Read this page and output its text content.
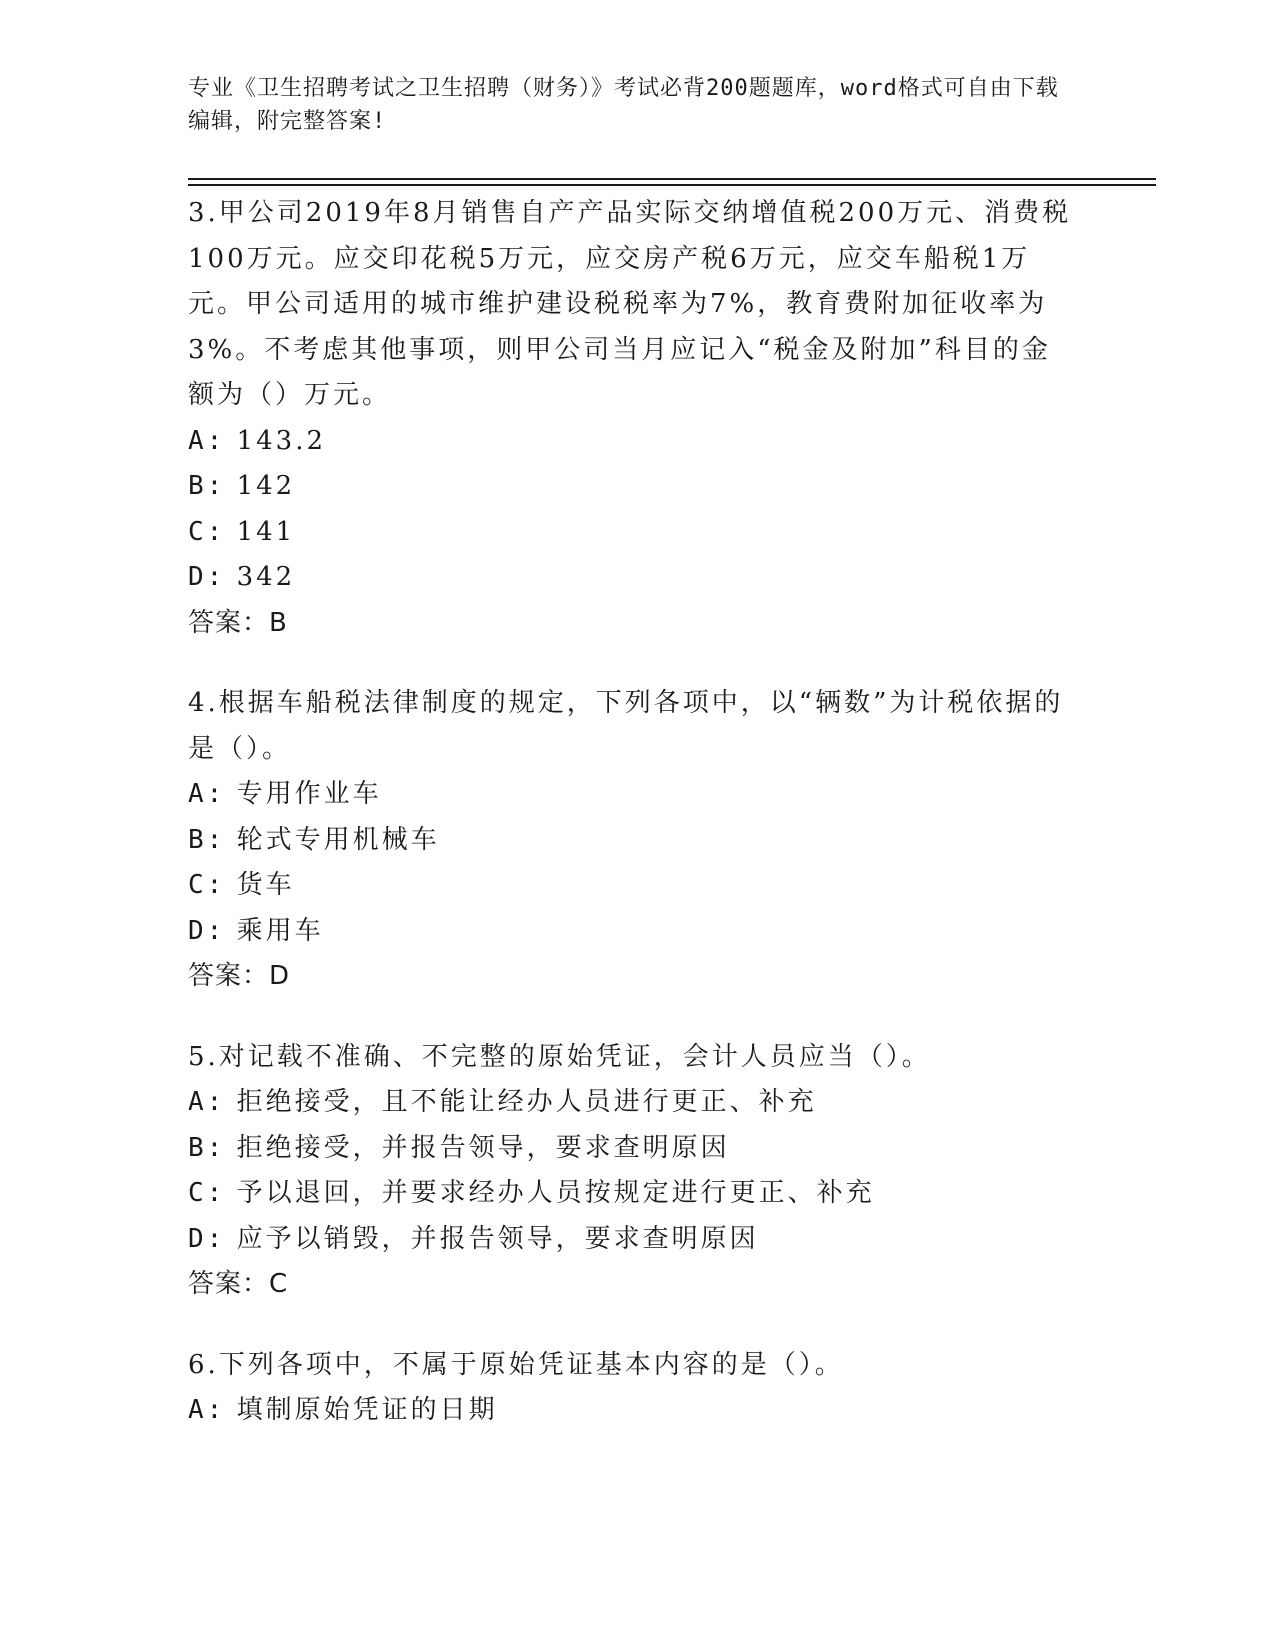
专业《卫生招聘考试之卫生招聘（财务）》考试必背200题题库，word格式可自由下载编辑，附完整答案!
3.甲公司2019年8月销售自产产品实际交纳增值税200万元、消费税100万元。应交印花税5万元，应交房产税6万元，应交车船税1万元。甲公司适用的城市维护建设税税率为7%，教育费附加征收率为3%。不考虑其他事项，则甲公司当月应记入“税金及附加”科目的金额为（）万元。
A: 143.2
B: 142
C: 141
D: 342
答案：B
4.根据车船税法律制度的规定，下列各项中，以“辆数”为计税依据的是（）。
A: 专用作业车
B: 轮式专用机械车
C: 货车
D: 乘用车
答案：D
5.对记载不准确、不完整的原始凭证，会计人员应当（）。
A: 拒绝接受，且不能让经办人员进行更正、补充
B: 拒绝接受，并报告领导，要求查明原因
C: 予以退回，并要求经办人员按规定进行更正、补充
D: 应予以销毁，并报告领导，要求查明原因
答案：C
6.下列各项中，不属于原始凭证基本内容的是（）。
A: 填制原始凭证的日期
